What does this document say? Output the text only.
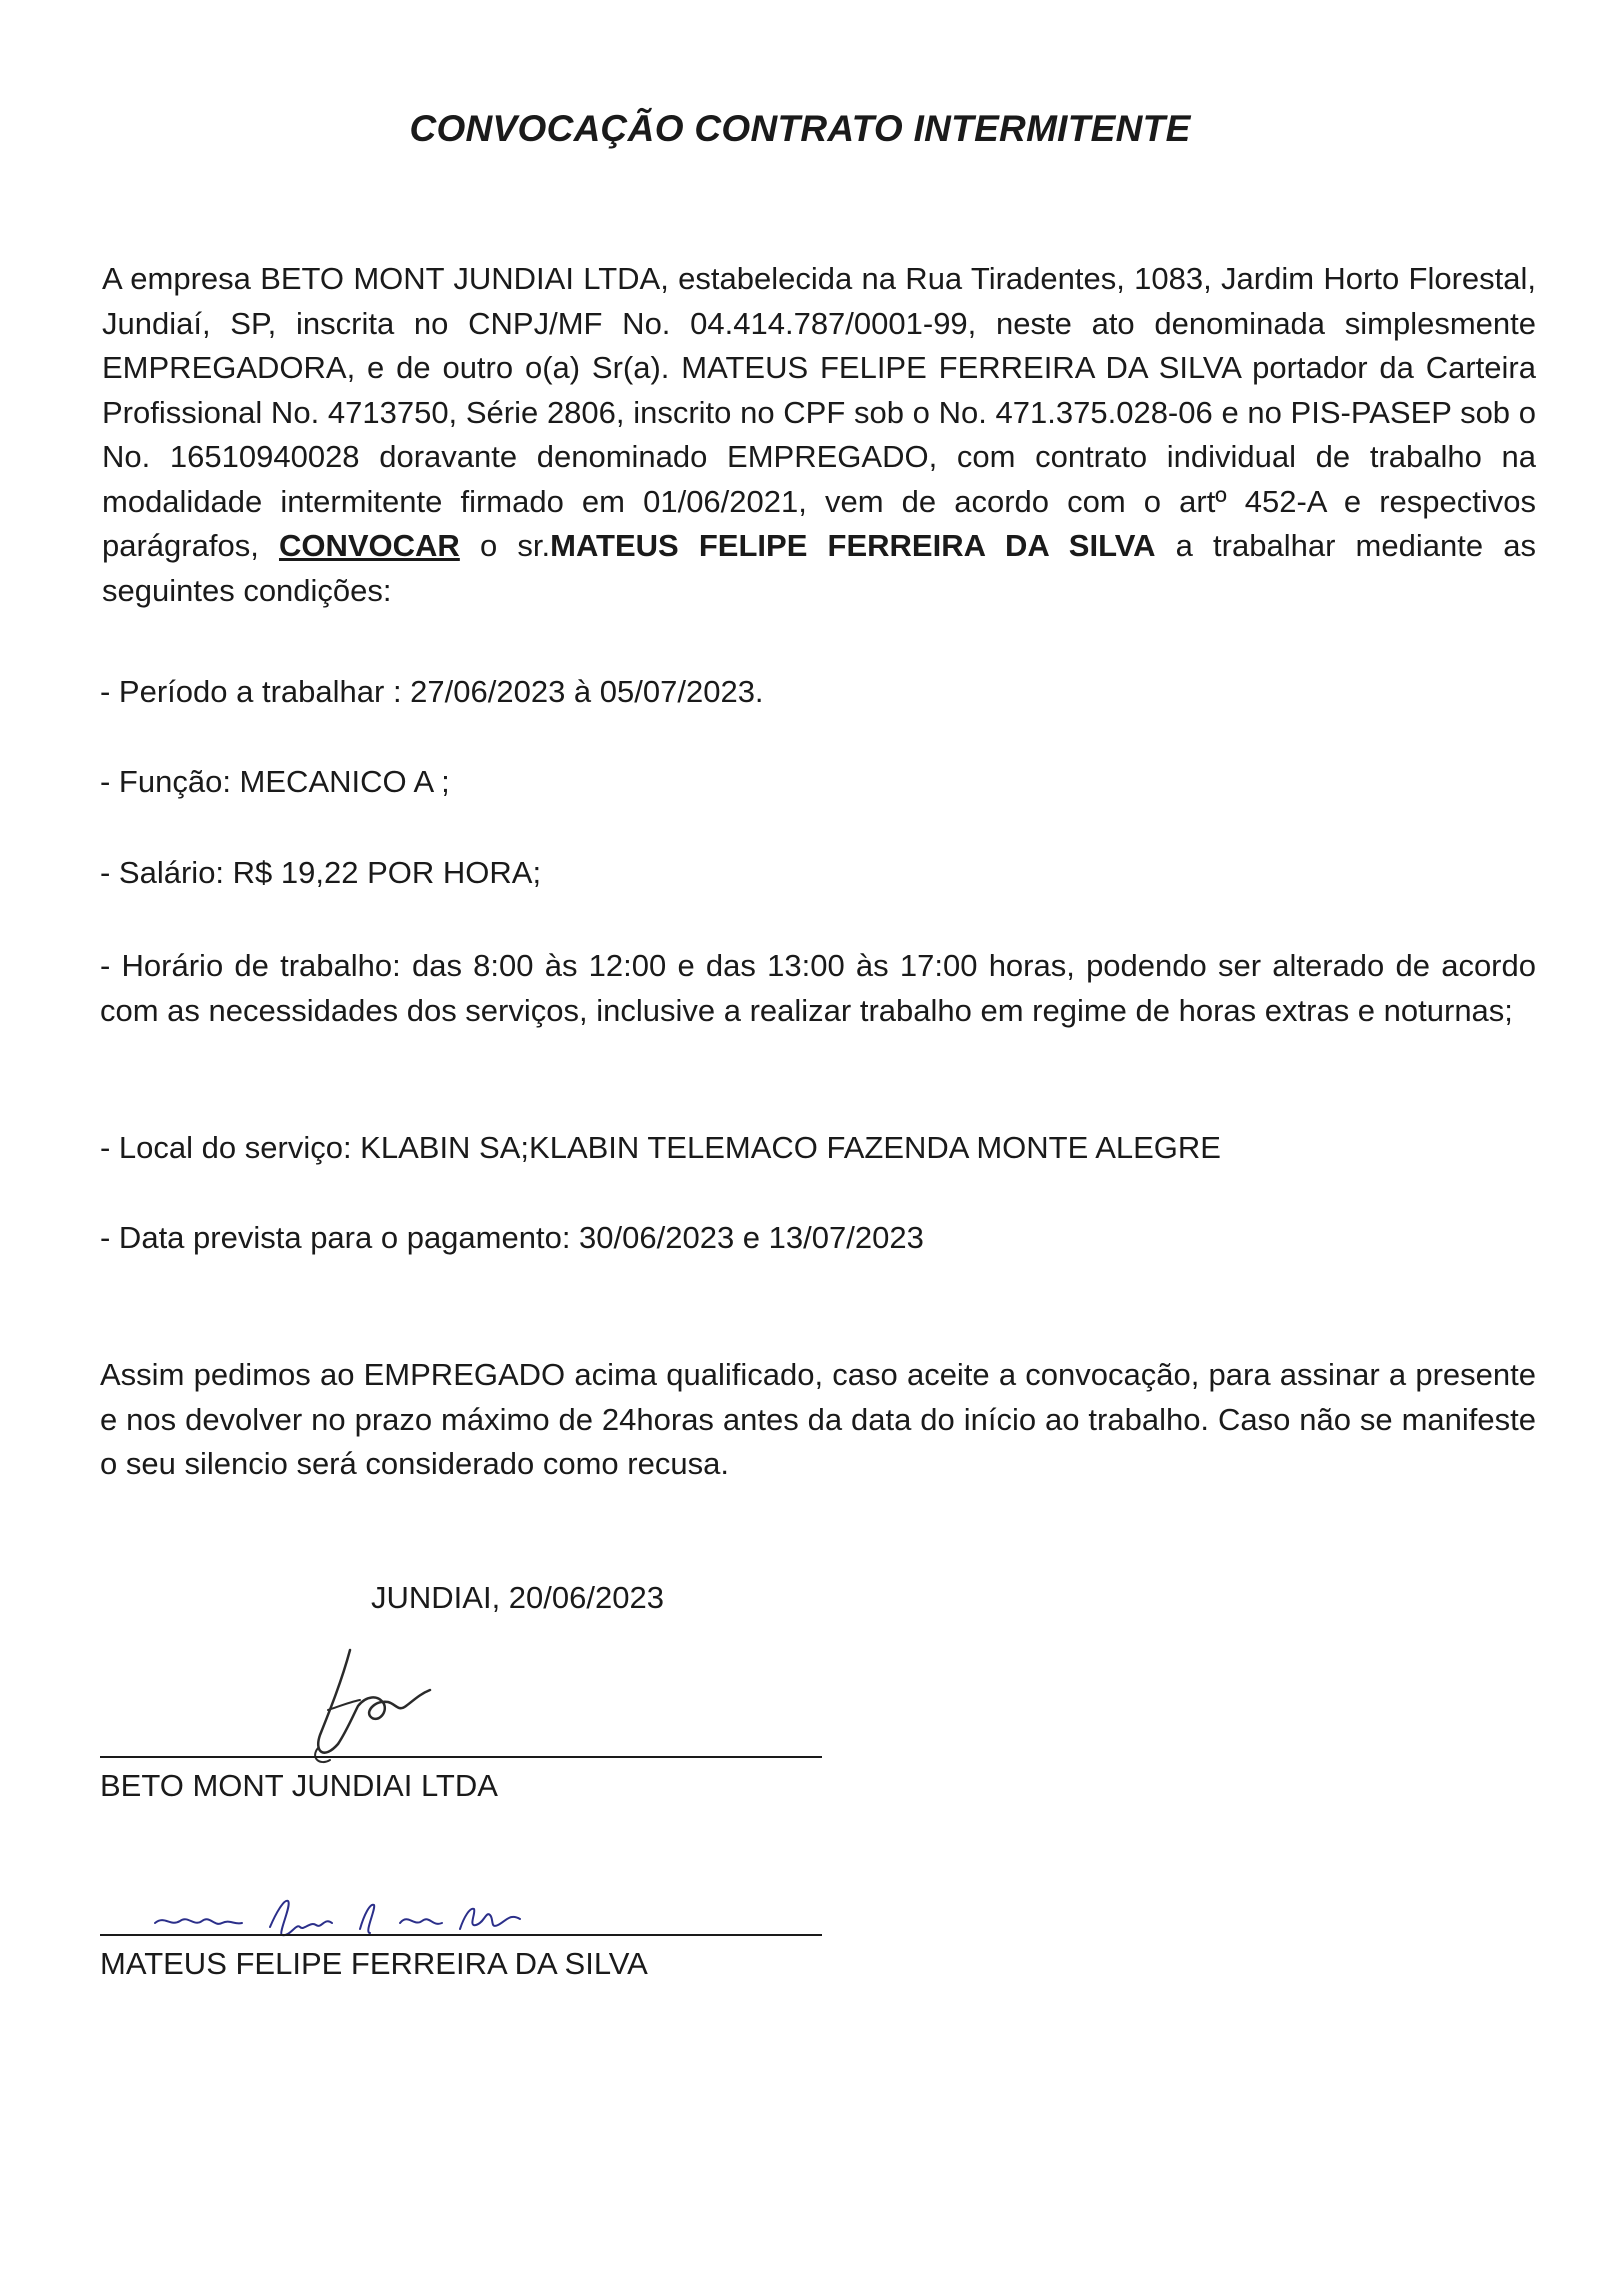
CONVOCAÇÃO CONTRATO INTERMITENTE

A empresa BETO MONT JUNDIAI LTDA, estabelecida na Rua Tiradentes, 1083, Jardim Horto Florestal, Jundiaí, SP, inscrita no CNPJ/MF No. 04.414.787/0001-99, neste ato denominada simplesmente EMPREGADORA, e de outro o(a) Sr(a). MATEUS FELIPE FERREIRA DA SILVA portador da Carteira Profissional No. 4713750, Série 2806, inscrito no CPF sob o No. 471.375.028-06 e no PIS-PASEP sob o No. 16510940028 doravante denominado EMPREGADO, com contrato individual de trabalho na modalidade intermitente firmado em 01/06/2021, vem de acordo com o artº 452-A e respectivos parágrafos, CONVOCAR o sr.MATEUS FELIPE FERREIRA DA SILVA a trabalhar mediante as seguintes condições:

- Período a trabalhar : 27/06/2023 à 05/07/2023.
- Função: MECANICO A ;
- Salário: R$ 19,22 POR HORA;
- Horário de trabalho: das 8:00 às 12:00 e das 13:00 às 17:00 horas, podendo ser alterado de acordo com as necessidades dos serviços, inclusive a realizar trabalho em regime de horas extras e noturnas;
- Local do serviço: KLABIN SA;KLABIN TELEMACO FAZENDA MONTE ALEGRE
- Data prevista para o pagamento: 30/06/2023 e 13/07/2023
Assim pedimos ao EMPREGADO acima qualificado, caso aceite a convocação, para assinar a presente e nos devolver no prazo máximo de 24horas antes da data do início ao trabalho. Caso não se manifeste o seu silencio será considerado como recusa.
JUNDIAI, 20/06/2023
BETO MONT JUNDIAI LTDA
MATEUS FELIPE FERREIRA DA SILVA
